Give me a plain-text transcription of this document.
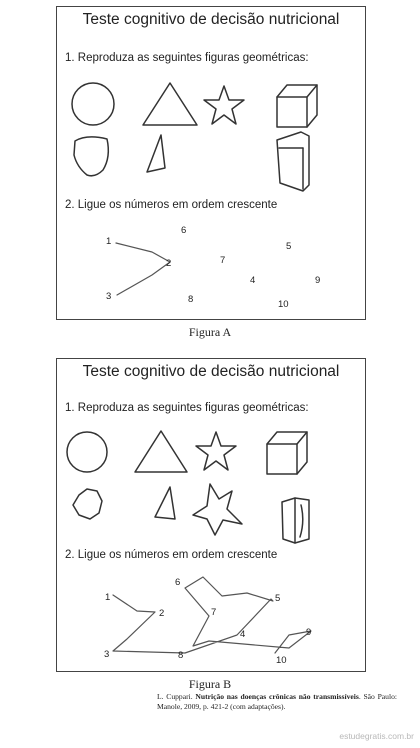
Teste cognitivo de decisão nutricional
1. Reproduza as seguintes figuras geométricas:
2. Ligue os números em ordem crescente
1
2
3
4
5
6
7
8
9
10
Figura A
Teste cognitivo de decisão nutricional
1. Reproduza as seguintes figuras geométricas:
2. Ligue os números em ordem crescente
1
2
3
4
5
6
7
8
9
10
Figura B
L. Cuppari. Nutrição nas doenças crônicas não transmissíveis. São Paulo: Manole, 2009, p. 421-2 (com adaptações).
estudegratis.com.br
